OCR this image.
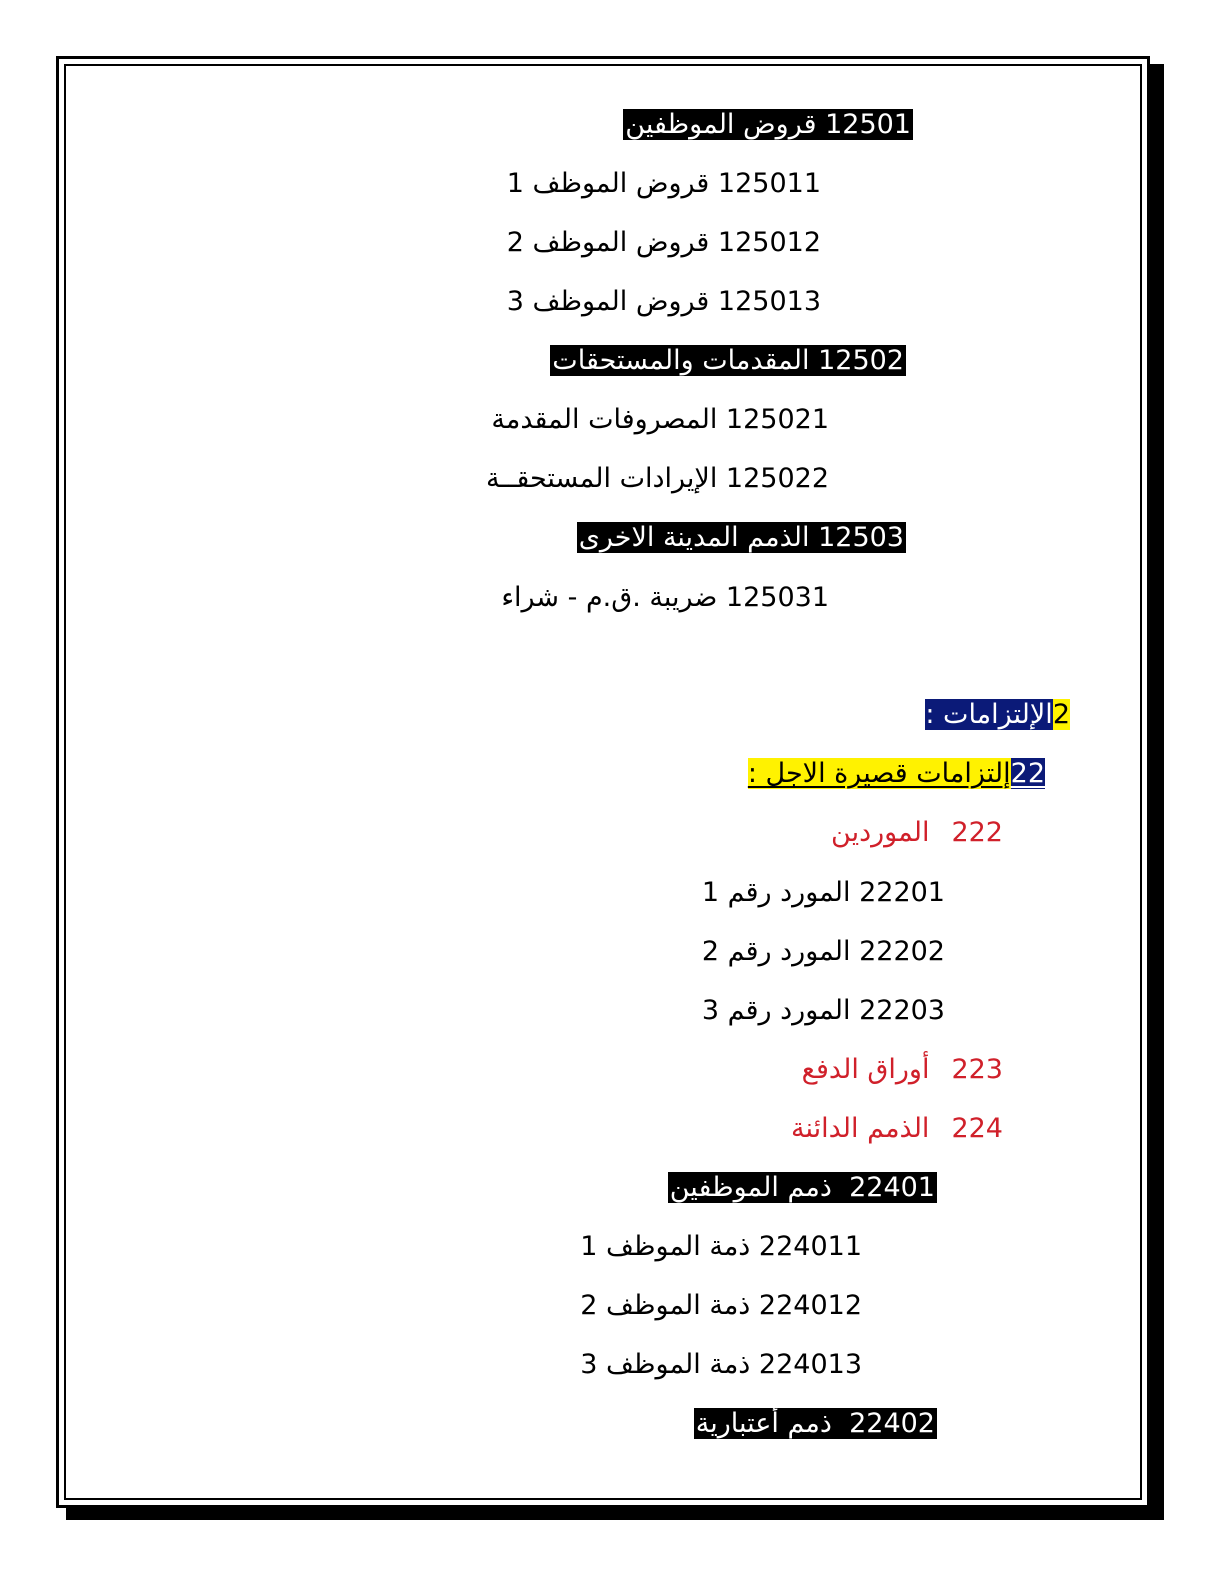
12501 قروض الموظفين
125011 قروض الموظف 1
125012 قروض الموظف 2
125013 قروض الموظف 3
12502 المقدمات والمستحقات
125021 المصروفات المقدمة
125022 الإيرادات المستحقــة
12503 الذمم المدينة الاخرى
125031 ضريبة .ق.م - شراء
2الإلتزامات :
22إلتزامات قصيرة الاجل :
222الموردين
22201 المورد رقم 1
22202 المورد رقم 2
22203 المورد رقم 3
223أوراق الدفع
224الذمم الدائنة
22401  ذمم الموظفين
224011 ذمة الموظف 1
224012 ذمة الموظف 2
224013 ذمة الموظف 3
22402  ذمم أعتبارية
